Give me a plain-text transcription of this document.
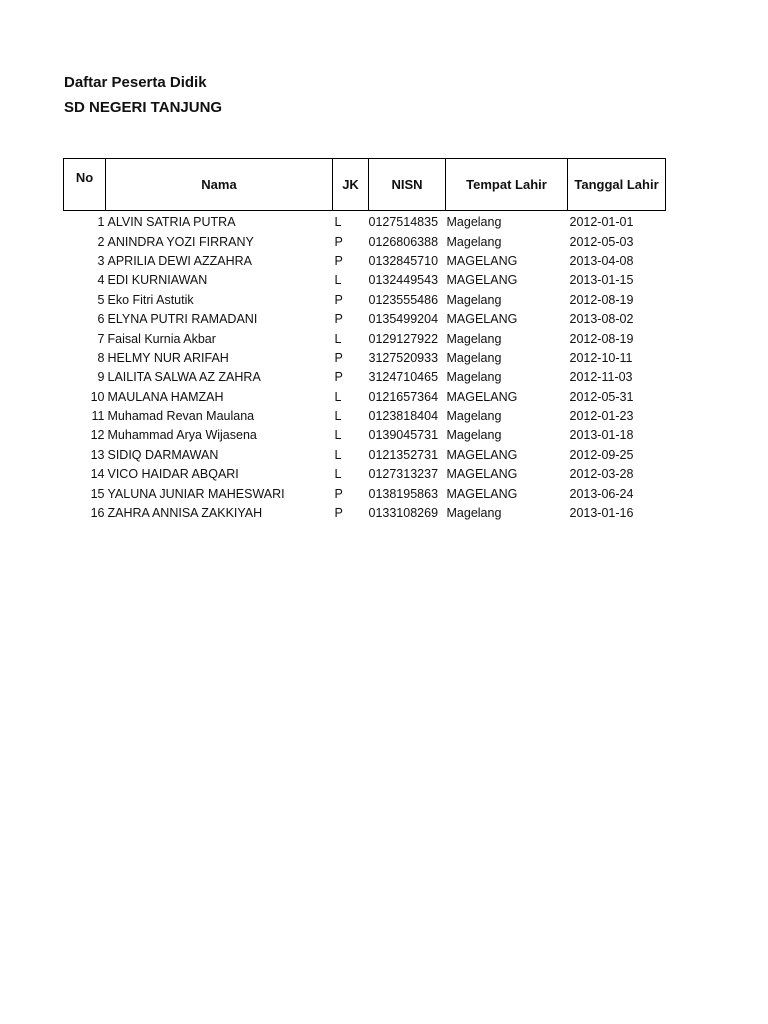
Daftar Peserta Didik
SD NEGERI TANJUNG
No	Nama	JK	NISN	Tempat Lahir	Tanggal Lahir
1	ALVIN SATRIA PUTRA	L	0127514835	Magelang	2012-01-01
2	ANINDRA YOZI FIRRANY	P	0126806388	Magelang	2012-05-03
3	APRILIA DEWI AZZAHRA	P	0132845710	MAGELANG	2013-04-08
4	EDI KURNIAWAN	L	0132449543	MAGELANG	2013-01-15
5	Eko Fitri Astutik	P	0123555486	Magelang	2012-08-19
6	ELYNA PUTRI RAMADANI	P	0135499204	MAGELANG	2013-08-02
7	Faisal Kurnia Akbar	L	0129127922	Magelang	2012-08-19
8	HELMY NUR ARIFAH	P	3127520933	Magelang	2012-10-11
9	LAILITA SALWA AZ ZAHRA	P	3124710465	Magelang	2012-11-03
10	MAULANA HAMZAH	L	0121657364	MAGELANG	2012-05-31
11	Muhamad Revan Maulana	L	0123818404	Magelang	2012-01-23
12	Muhammad Arya Wijasena	L	0139045731	Magelang	2013-01-18
13	SIDIQ DARMAWAN	L	0121352731	MAGELANG	2012-09-25
14	VICO HAIDAR ABQARI	L	0127313237	MAGELANG	2012-03-28
15	YALUNA JUNIAR MAHESWARI	P	0138195863	MAGELANG	2013-06-24
16	ZAHRA ANNISA ZAKKIYAH	P	0133108269	Magelang	2013-01-16
